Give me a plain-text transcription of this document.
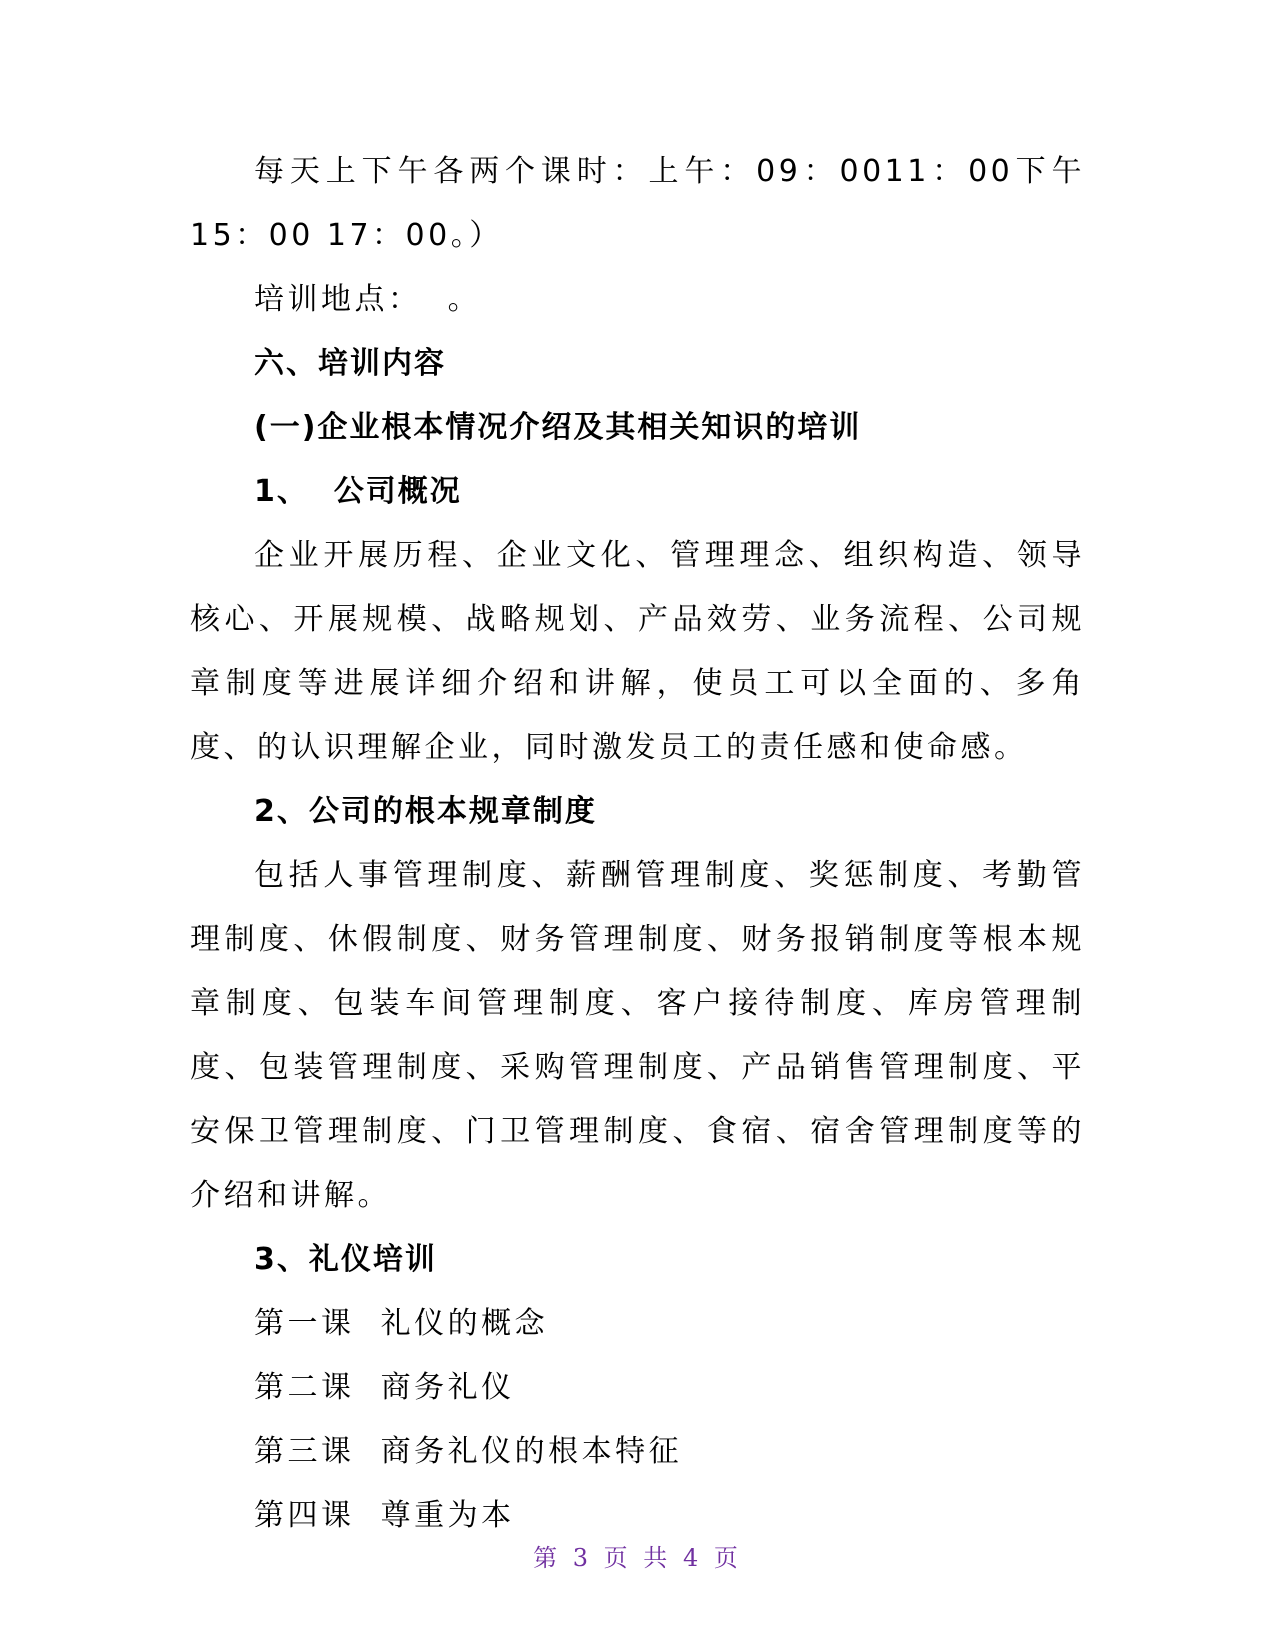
每天上下午各两个课时：上午：09：0011：00下午15：00 17：00。）

培训地点：  。

六、培训内容

(一)企业根本情况介绍及其相关知识的培训

1、  公司概况

企业开展历程、企业文化、管理理念、组织构造、领导核心、开展规模、战略规划、产品效劳、业务流程、公司规章制度等进展详细介绍和讲解，使员工可以全面的、多角度、的认识理解企业，同时激发员工的责任感和使命感。

2、公司的根本规章制度

包括人事管理制度、薪酬管理制度、奖惩制度、考勤管理制度、休假制度、财务管理制度、财务报销制度等根本规章制度、包装车间管理制度、客户接待制度、库房管理制度、包装管理制度、采购管理制度、产品销售管理制度、平安保卫管理制度、门卫管理制度、食宿、宿舍管理制度等的介绍和讲解。

3、礼仪培训

第一课  礼仪的概念

第二课  商务礼仪

第三课  商务礼仪的根本特征

第四课  尊重为本

第 3 页 共 4 页
